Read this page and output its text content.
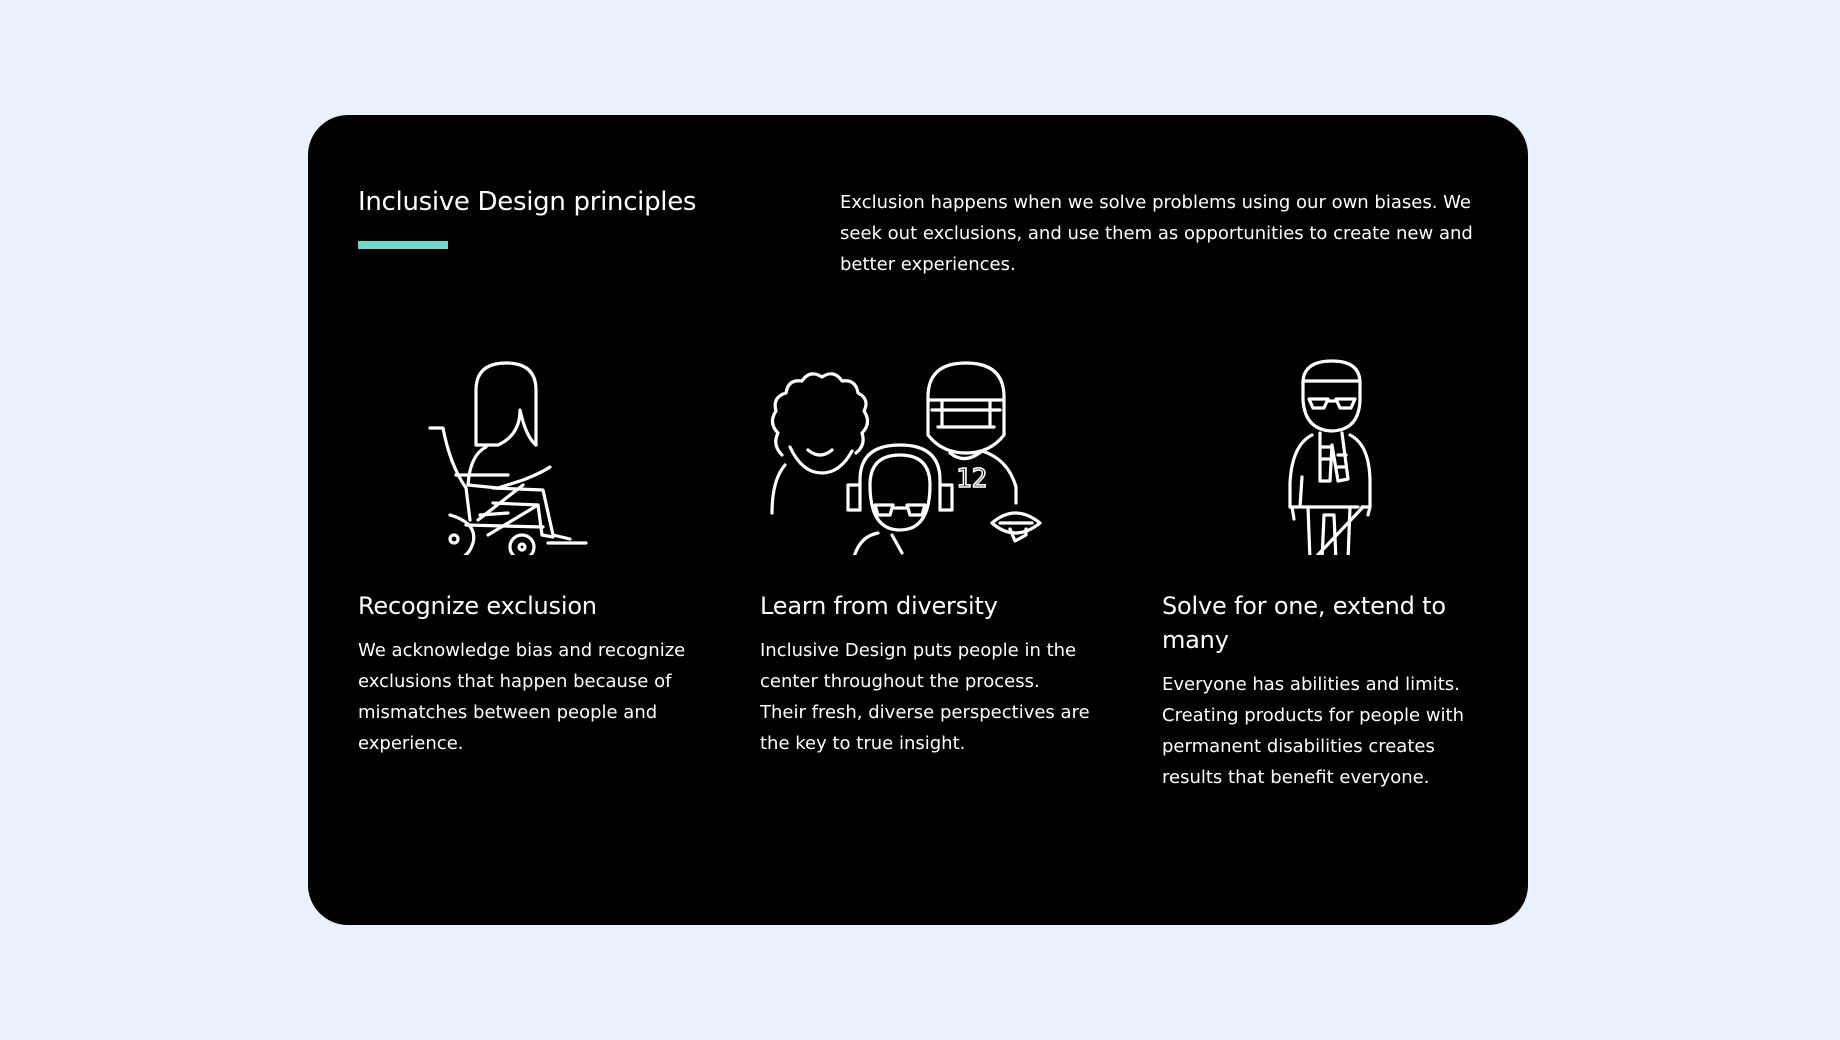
Inclusive Design principles	Exclusion happens when we solve problems using our own biases. We seek out exclusions, and use them as opportunities to create new and better experiences.

Recognize exclusion

We acknowledge bias and recognize exclusions that happen because of mismatches between people and experience.

12
Learn from diversity

Inclusive Design puts people in the center throughout the process. Their fresh, diverse perspectives are the key to true insight.

Solve for one, extend to many

Everyone has abilities and limits. Creating products for people with permanent disabilities creates results that benefit everyone.
